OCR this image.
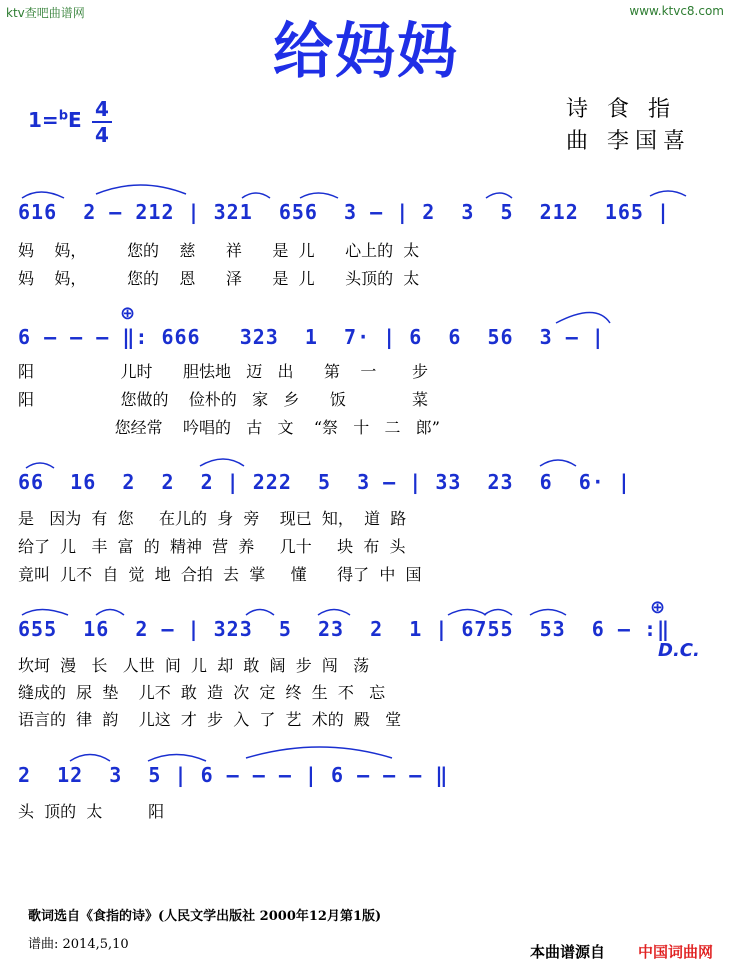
ktv查吧曲谱网	www.ktvc8.com
给妈妈
1=$^b$E 4
4
诗 食 指
曲 李国喜
616  2 – 212 | 321  656  3 – | 2  3  5  212  165 |
妈    妈，        您的    慈      祥      是  儿      心上的  太
妈    妈，        您的    恩      泽      是  儿      头顶的  太
6 – – – ‖: 666   323  1  7· | 6  6  56  3 – |
⊕
阳                 儿时      胆怯地   迈   出      第    一       步
阳                 您做的    俭朴的   家   乡      饭             菜
您经常    吟唱的   古   文    “祭   十   二   郎”
66  16  2  2  2 | 222  5  3 – | 33  23  6  6· |
是   因为  有  您     在儿的  身  旁    现已  知，  道  路
给了  儿   丰  富  的  精神  营  养     几十     块  布  头
竟叫  儿不  自  觉  地  合拍  去  掌     懂      得了  中  国
655  16  2 – | 323  5  23  2  1 | 6755  53  6 – :‖
⊕
坎坷  漫   长   人世  间  儿  却  敢  阔  步  闯   荡
缝成的  尿  垫    儿不  敢  造  次  定  终  生  不   忘
语言的  律  韵    儿这  才  步  入  了  艺  术的  殿   堂
D.C.
2  12  3  5 | 6 – – – | 6 – – – ‖
头  顶的  太         阳
歌词选自《食指的诗》(人民文学出版社 2000年12月第1版)
谱曲: 2014,5,10	本曲谱源自 中国词曲网
